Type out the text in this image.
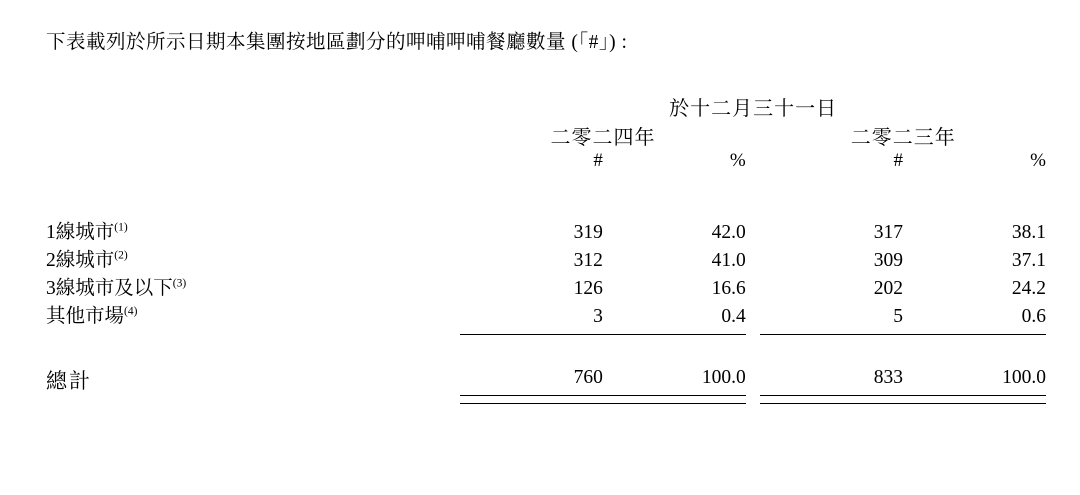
下表載列於所示日期本集團按地區劃分的呷哺呷哺餐廳數量 (「#」) :
	於十二月三十一日				
	二零二四年			二零二三年	
	#	%		#	%

1線城市$^{(1)}$	319	42.0		317	38.1
2線城市$^{(2)}$	312	41.0		309	37.1
3線城市及以下$^{(3)}$	126	16.6		202	24.2
其他市場$^{(4)}$	3	0.4		5	0.6

總計	760	100.0		833	100.0
